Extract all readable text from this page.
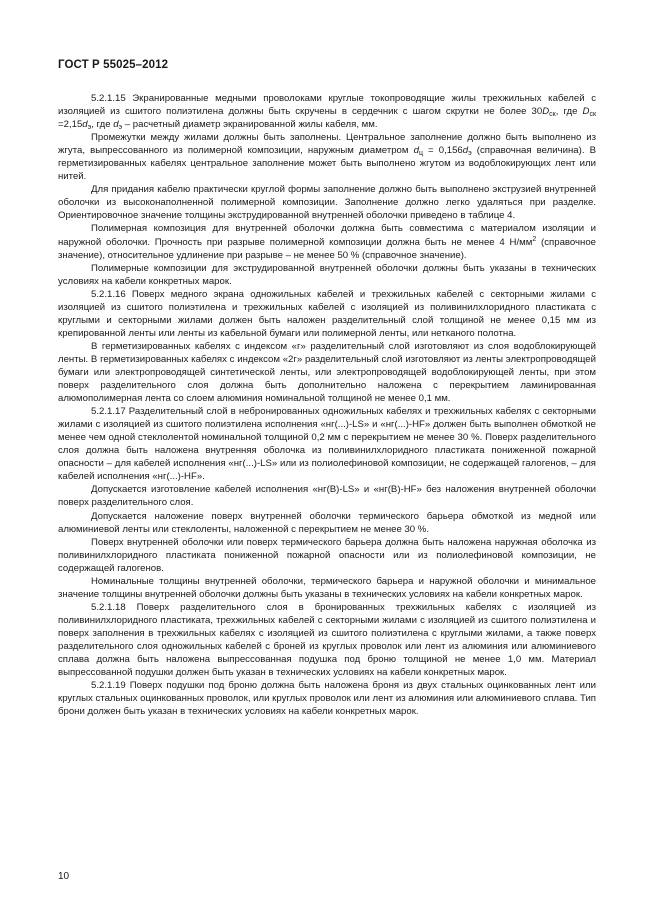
ГОСТ Р 55025–2012

5.2.1.15 Экранированные медными проволоками круглые токопроводящие жилы трехжильных кабелей с изоляцией из сшитого полиэтилена должны быть скручены в сердечник с шагом скрутки не более $30D_{ск}$, где $D_{ск} =2,15d_э$, где $d_э$ – расчетный диаметр экранированной жилы кабеля, мм.

Промежутки между жилами должны быть заполнены. Центральное заполнение должно быть выполнено из жгута, выпрессованного из полимерной композиции, наружным диаметром $d_ц = 0,156d_э$ (справочная величина). В герметизированных кабелях центральное заполнение может быть выполнено жгутом из водоблокирующих лент или нитей.

Для придания кабелю практически круглой формы заполнение должно быть выполнено экструзией внутренней оболочки из высоконаполненной полимерной композиции. Заполнение должно легко удаляться при разделке. Ориентировочное значение толщины экструдированной внутренней оболочки приведено в таблице 4.

Полимерная композиция для внутренней оболочки должна быть совместима с материалом изоляции и наружной оболочки. Прочность при разрыве полимерной композиции должна быть не менее 4 $Н/мм^2$ (справочное значение), относительное удлинение при разрыве – не менее 50 % (справочное значение).

Полимерные композиции для экструдированной внутренней оболочки должны быть указаны в технических условиях на кабели конкретных марок.

5.2.1.16 Поверх медного экрана одножильных кабелей и трехжильных кабелей с секторными жилами с изоляцией из сшитого полиэтилена и трехжильных кабелей с изоляцией из поливинилхлоридного пластиката с круглыми и секторными жилами должен быть наложен разделительный слой толщиной не менее 0,15 мм из крепированной ленты или ленты из кабельной бумаги или полимерной ленты, или нетканого полотна.

В герметизированных кабелях с индексом «г» разделительный слой изготовляют из слоя водоблокирующей ленты. В герметизированных кабелях с индексом «2г» разделительный слой изготовляют из ленты электропроводящей бумаги или электропроводящей синтетической ленты, или электропроводящей водоблокирующей ленты, при этом поверх разделительного слоя должна быть дополнительно наложена с перекрытием ламинированная алюмополимерная лента со слоем алюминия номинальной толщиной не менее 0,1 мм.

5.2.1.17 Разделительный слой в небронированных одножильных кабелях и трехжильных кабелях с секторными жилами с изоляцией из сшитого полиэтилена исполнения «нг(...)-LS» и «нг(...)-HF» должен быть выполнен обмоткой не менее чем одной стеклолентой номинальной толщиной 0,2 мм с перекрытием не менее 30 %. Поверх разделительного слоя должна быть наложена внутренняя оболочка из поливинилхлоридного пластиката пониженной пожарной опасности – для кабелей исполнения «нг(...)-LS» или из полиолефиновой композиции, не содержащей галогенов, – для кабелей исполнения «нг(...)-HF».

Допускается изготовление кабелей исполнения «нг(В)-LS» и «нг(В)-HF» без наложения внутренней оболочки поверх разделительного слоя.

Допускается наложение поверх внутренней оболочки термического барьера обмоткой из медной или алюминиевой ленты или стеклоленты, наложенной с перекрытием не менее 30 %.

Поверх внутренней оболочки или поверх термического барьера должна быть наложена наружная оболочка из поливинилхлоридного пластиката пониженной пожарной опасности или из полиолефиновой композиции, не содержащей галогенов.

Номинальные толщины внутренней оболочки, термического барьера и наружной оболочки и минимальное значение толщины внутренней оболочки должны быть указаны в технических условиях на кабели конкретных марок.

5.2.1.18 Поверх разделительного слоя в бронированных трехжильных кабелях с изоляцией из поливинилхлоридного пластиката, трехжильных кабелей с секторными жилами с изоляцией из сшитого полиэтилена и поверх заполнения в трехжильных кабелях с изоляцией из сшитого полиэтилена с круглыми жилами, а также поверх разделительного слоя одножильных кабелей с броней из круглых проволок или лент из алюминия или алюминиевого сплава должна быть наложена выпрессованная подушка под броню толщиной не менее 1,0 мм. Материал выпрессованной подушки должен быть указан в технических условиях на кабели конкретных марок.

5.2.1.19 Поверх подушки под броню должна быть наложена броня из двух стальных оцинкованных лент или круглых стальных оцинкованных проволок, или круглых проволок или лент из алюминия или алюминиевого сплава. Тип брони должен быть указан в технических условиях на кабели конкретных марок.

10
